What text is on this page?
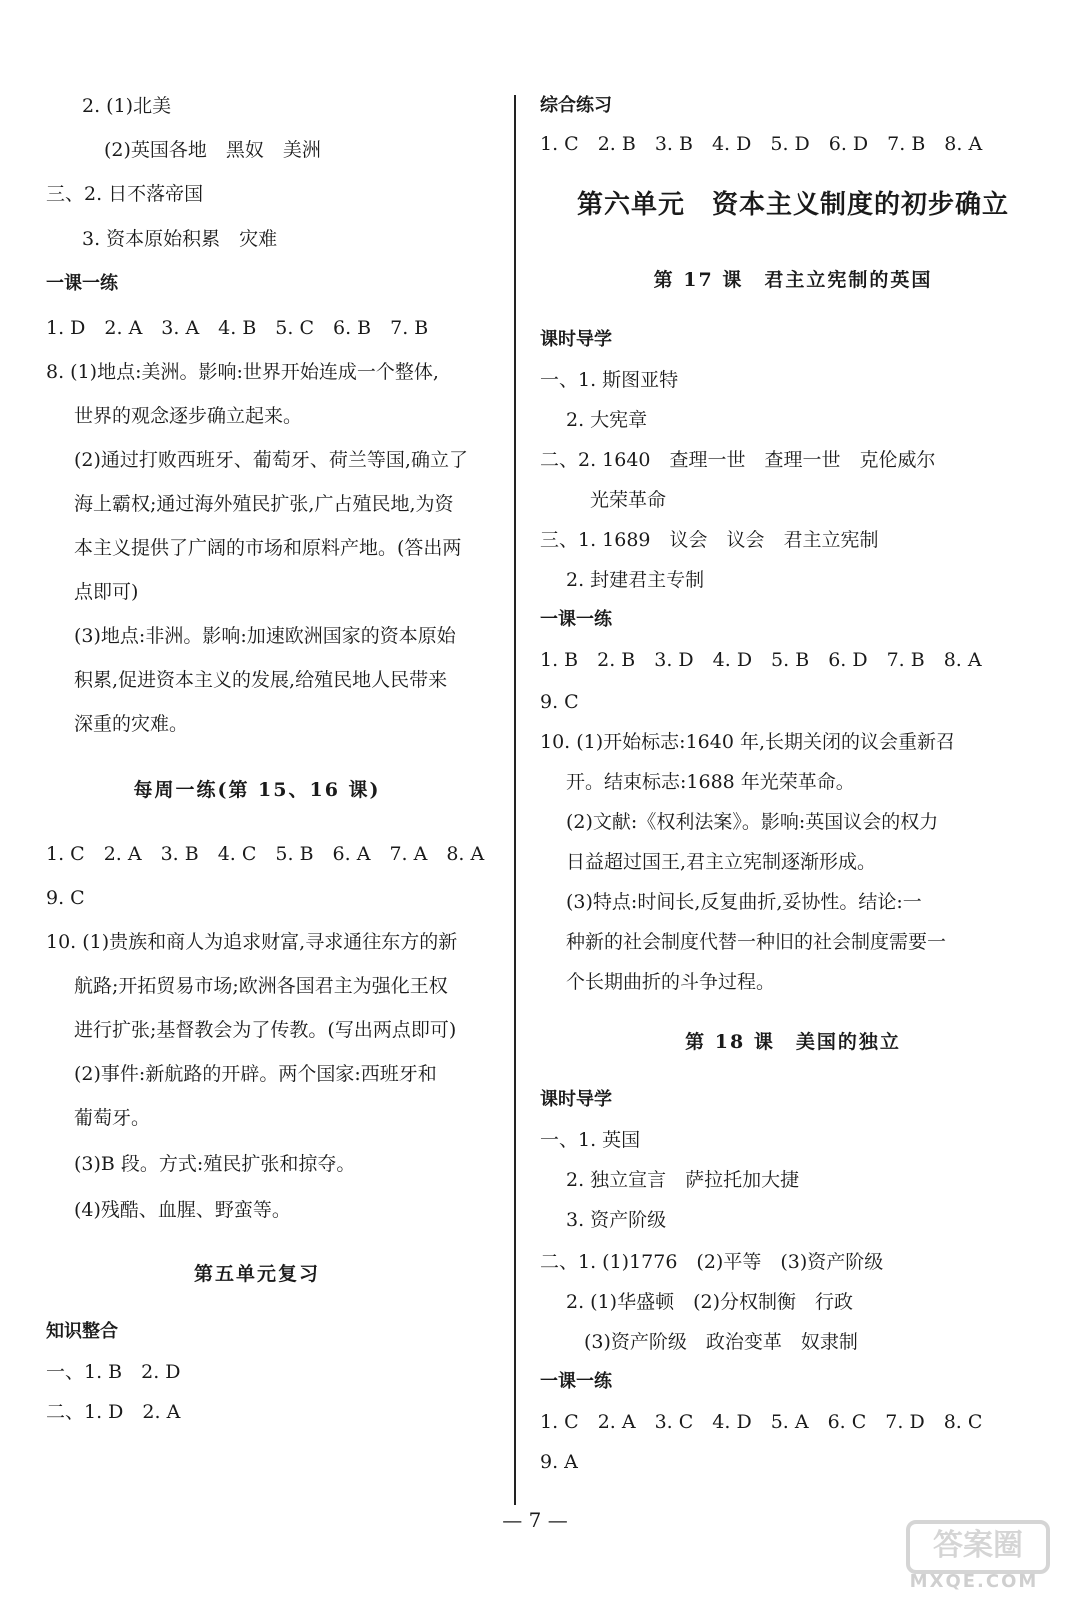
2. (1)北美
(2)英国各地　黑奴　美洲
三、2. 日不落帝国
3. 资本原始积累　灾难
一课一练
1. D　2. A　3. A　4. B　5. C　6. B　7. B
8. (1)地点:美洲。影响:世界开始连成一个整体,
世界的观念逐步确立起来。
(2)通过打败西班牙、葡萄牙、荷兰等国,确立了
海上霸权;通过海外殖民扩张,广占殖民地,为资
本主义提供了广阔的市场和原料产地。(答出两
点即可)
(3)地点:非洲。影响:加速欧洲国家的资本原始
积累,促进资本主义的发展,给殖民地人民带来
深重的灾难。
每周一练(第 15、16 课)
1. C　2. A　3. B　4. C　5. B　6. A　7. A　8. A
9. C
10. (1)贵族和商人为追求财富,寻求通往东方的新
航路;开拓贸易市场;欧洲各国君主为强化王权
进行扩张;基督教会为了传教。(写出两点即可)
(2)事件:新航路的开辟。两个国家:西班牙和
葡萄牙。
(3)B 段。方式:殖民扩张和掠夺。
(4)残酷、血腥、野蛮等。
第五单元复习
知识整合
一、1. B　2. D
二、1. D　2. A
综合练习
1. C　2. B　3. B　4. D　5. D　6. D　7. B　8. A
第六单元　资本主义制度的初步确立
第 17 课　君主立宪制的英国
课时导学
一、1. 斯图亚特
2. 大宪章
二、2. 1640　查理一世　查理一世　克伦威尔
光荣革命
三、1. 1689　议会　议会　君主立宪制
2. 封建君主专制
一课一练
1. B　2. B　3. D　4. D　5. B　6. D　7. B　8. A
9. C
10. (1)开始标志:1640 年,长期关闭的议会重新召
开。结束标志:1688 年光荣革命。
(2)文献:《权利法案》。影响:英国议会的权力
日益超过国王,君主立宪制逐渐形成。
(3)特点:时间长,反复曲折,妥协性。结论:一
种新的社会制度代替一种旧的社会制度需要一
个长期曲折的斗争过程。
第 18 课　美国的独立
课时导学
一、1. 英国
2. 独立宣言　萨拉托加大捷
3. 资产阶级
二、1. (1)1776　(2)平等　(3)资产阶级
2. (1)华盛顿　(2)分权制衡　行政
(3)资产阶级　政治变革　奴隶制
一课一练
1. C　2. A　3. C　4. D　5. A　6. C　7. D　8. C
9. A
— 7 —
答案圈
MXQE.COM
